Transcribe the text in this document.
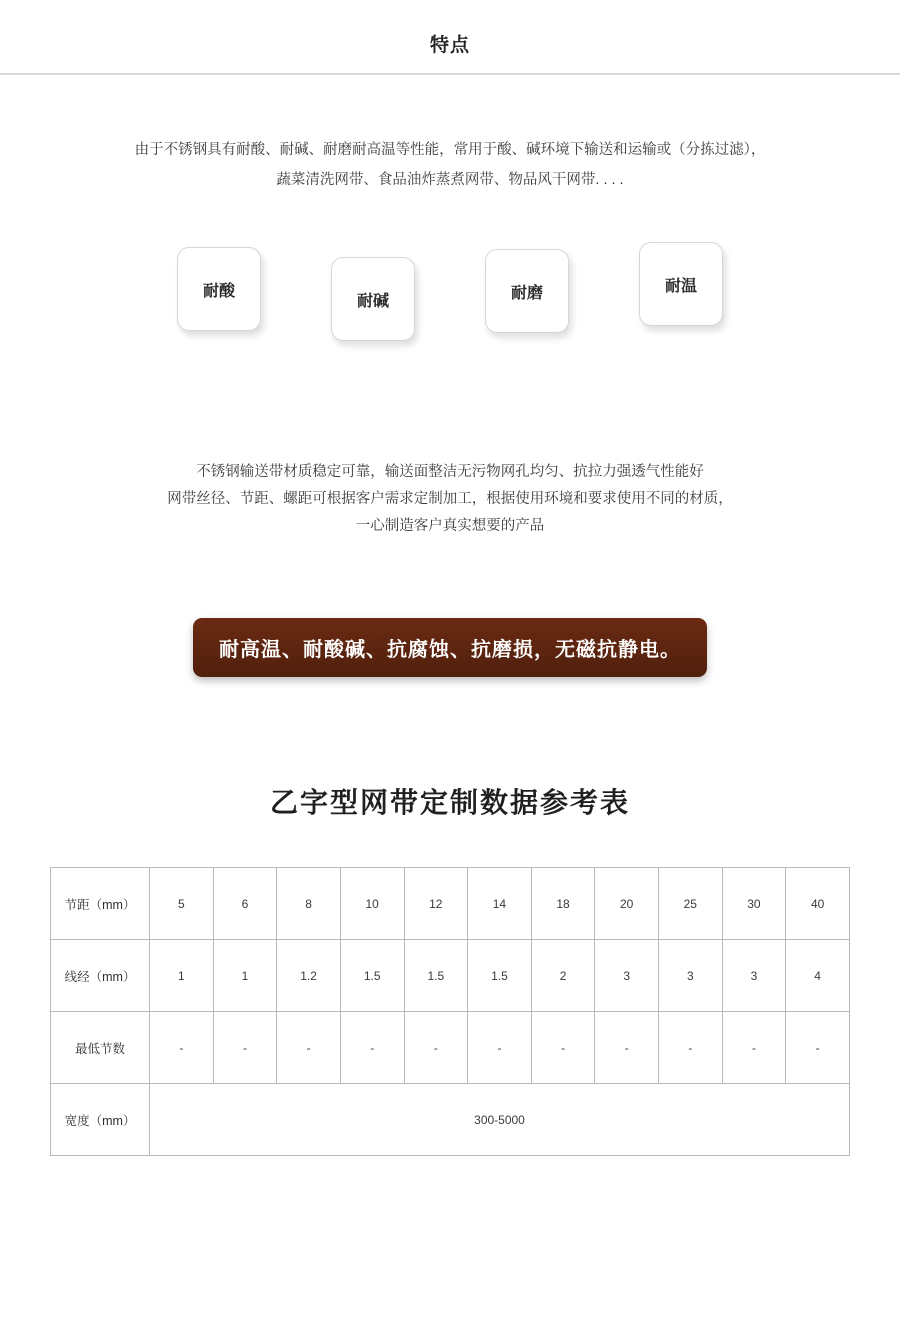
特点
由于不锈钢具有耐酸、耐碱、耐磨耐高温等性能，常用于酸、碱环境下输送和运输或（分拣过滤），
蔬菜清洗网带、食品油炸蒸煮网带、物品风干网带. . . .
耐酸
耐碱	耐磨	耐温
不锈钢输送带材质稳定可靠，输送面整洁无污物网孔均匀、抗拉力强透气性能好
网带丝径、节距、螺距可根据客户需求定制加工，根据使用环境和要求使用不同的材质，
一心制造客户真实想要的产品
耐高温、耐酸碱、抗腐蚀、抗磨损，无磁抗静电。
乙字型网带定制数据参考表
节距（mm）	5	6	8	10	12	14	18	20	25	30	40
线经（mm）	1	1	1.2	1.5	1.5	1.5	2	3	3	3	4
最低节数	-	-	-	-	-	-	-	-	-	-	-
宽度（mm）	300-5000										
